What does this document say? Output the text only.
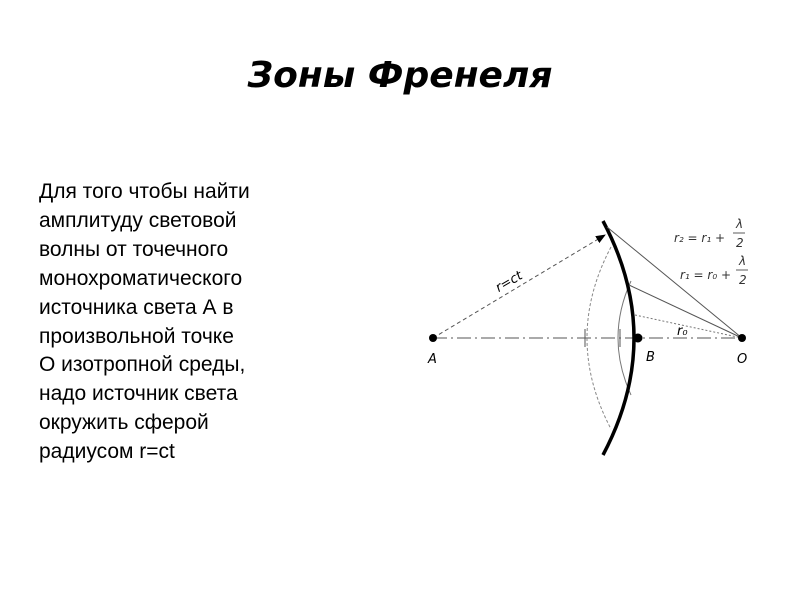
Зоны Френеля
Для того чтобы найти
амплитуду световой
волны от точечного
монохроматического
источника света А в
произвольной точке
О изотропной среды,
надо источник света
окружить сферой
радиусом r=ct
A	B	O
r₀
r=ct
r₂ = r₁ +
λ
2
r₁ = r₀ +
λ
2
